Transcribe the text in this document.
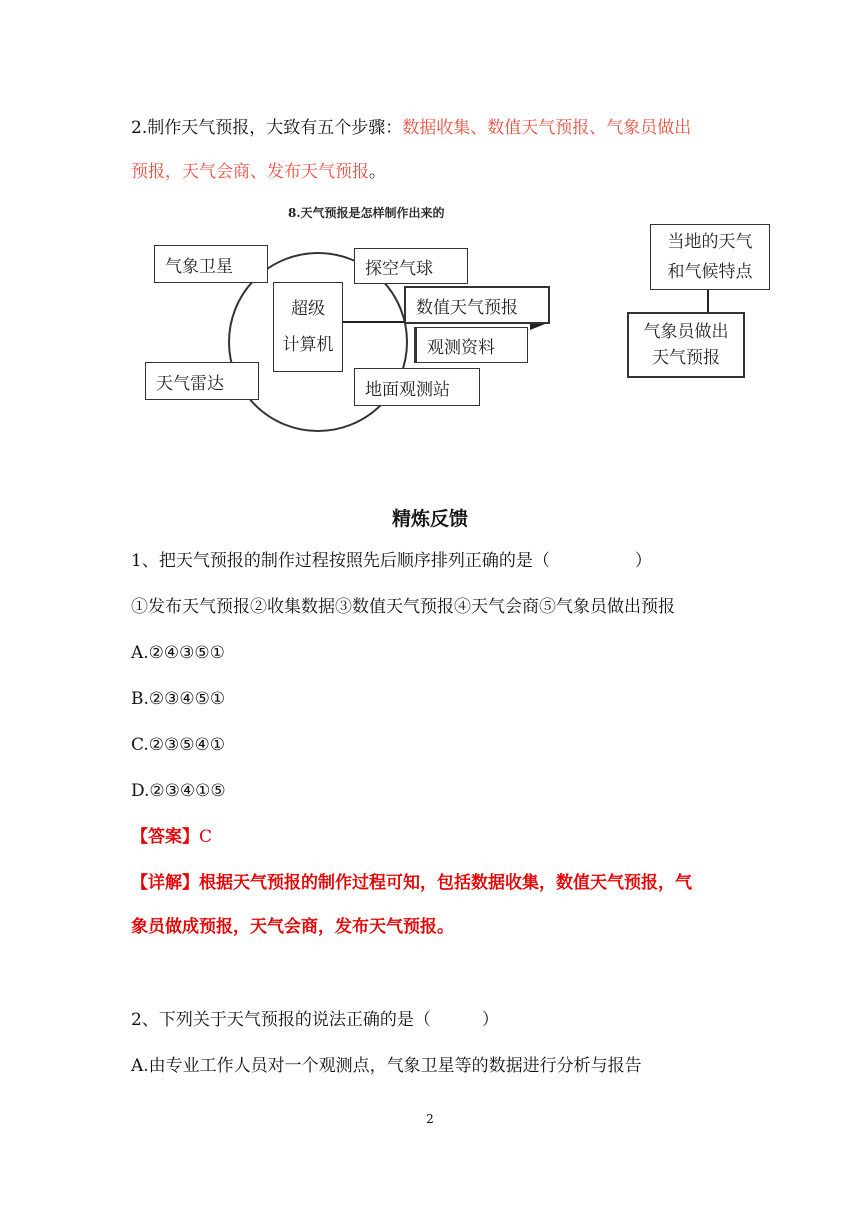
2.制作天气预报，大致有五个步骤：数据收集、数值天气预报、气象员做出
预报，天气会商、发布天气预报。
8.天气预报是怎样制作出来的
气象卫星	探空气球
超级
计算机
数值天气预报
观测资料
天气雷达	地面观测站
当地的天气
和气候特点
气象员做出
天气预报
精炼反馈
1、把天气预报的制作过程按照先后顺序排列正确的是（　　　　　）
①发布天气预报②收集数据③数值天气预报④天气会商⑤气象员做出预报
A.②④③⑤①
B.②③④⑤①
C.②③⑤④①
D.②③④①⑤
【答案】C
【详解】根据天气预报的制作过程可知，包括数据收集，数值天气预报，气
象员做成预报，天气会商，发布天气预报。
2、下列关于天气预报的说法正确的是（　　　）
A.由专业工作人员对一个观测点，气象卫星等的数据进行分析与报告
2
